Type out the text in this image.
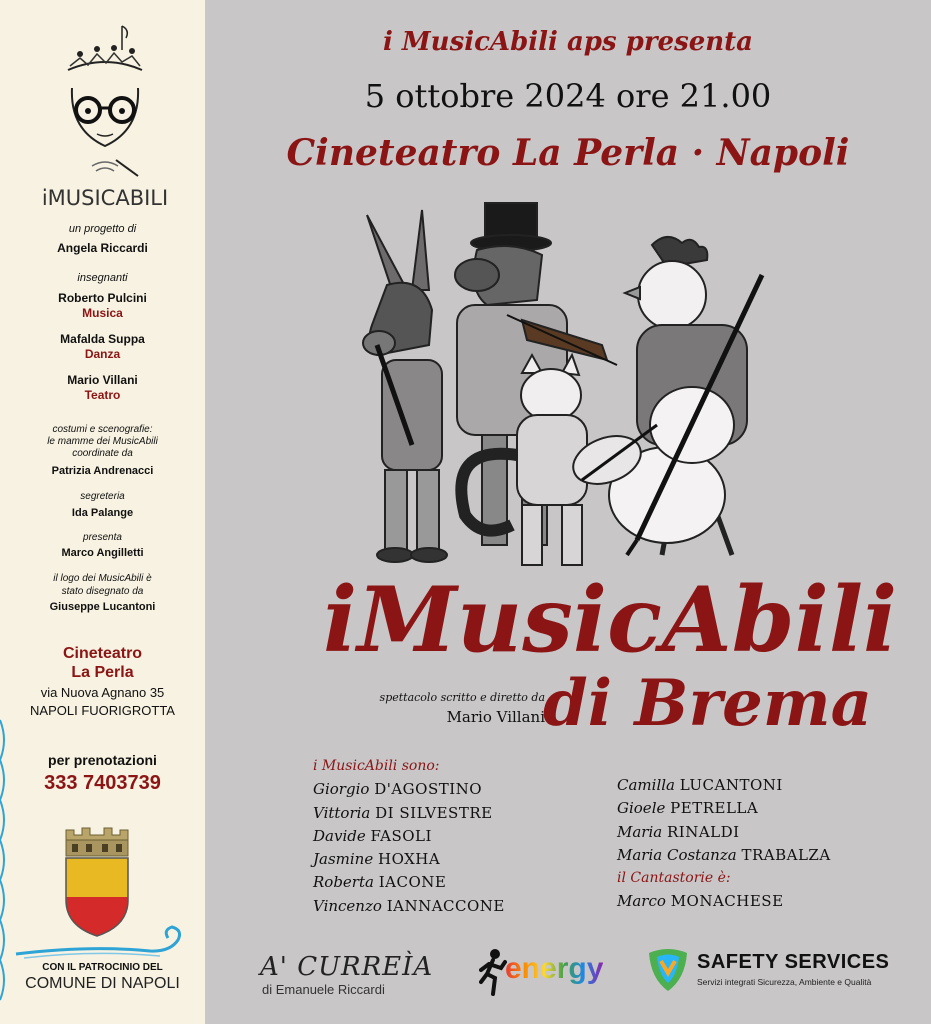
iMUSICABILI
un progetto di
Angela Riccardi
insegnanti
Roberto Pulcini
Musica
Mafalda Suppa
Danza
Mario Villani
Teatro
costumi e scenografie:
le mamme dei MusicAbili
coordinate da
Patrizia Andrenacci
segreteria
Ida Palange
presenta
Marco Angilletti
il logo dei MusicAbili è
stato disegnato da
Giuseppe Lucantoni
Cineteatro
La Perla
via Nuova Agnano 35
NAPOLI FUORIGROTTA
per prenotazioni
333 7403739
CON IL PATROCINIO DEL
COMUNE DI NAPOLI
i MusicAbili aps presenta
5 ottobre 2024 ore 21.00
Cineteatro La Perla · Napoli
iMusicAbili
spettacolo scritto e diretto da
Mario Villani
di Brema
i MusicAbili sono:
Giorgio D'AGOSTINO
Vittoria DI SILVESTRE
Davide FASOLI
Jasmine HOXHA
Roberta IACONE
Vincenzo IANNACCONE
Camilla LUCANTONI
Gioele PETRELLA
Maria RINALDI
Maria Costanza TRABALZA
il Cantastorie è:
Marco MONACHESE
A' CURREÌA
di Emanuele Riccardi
energy	SAFETY SERVICES
Servizi integrati Sicurezza, Ambiente e Qualità
